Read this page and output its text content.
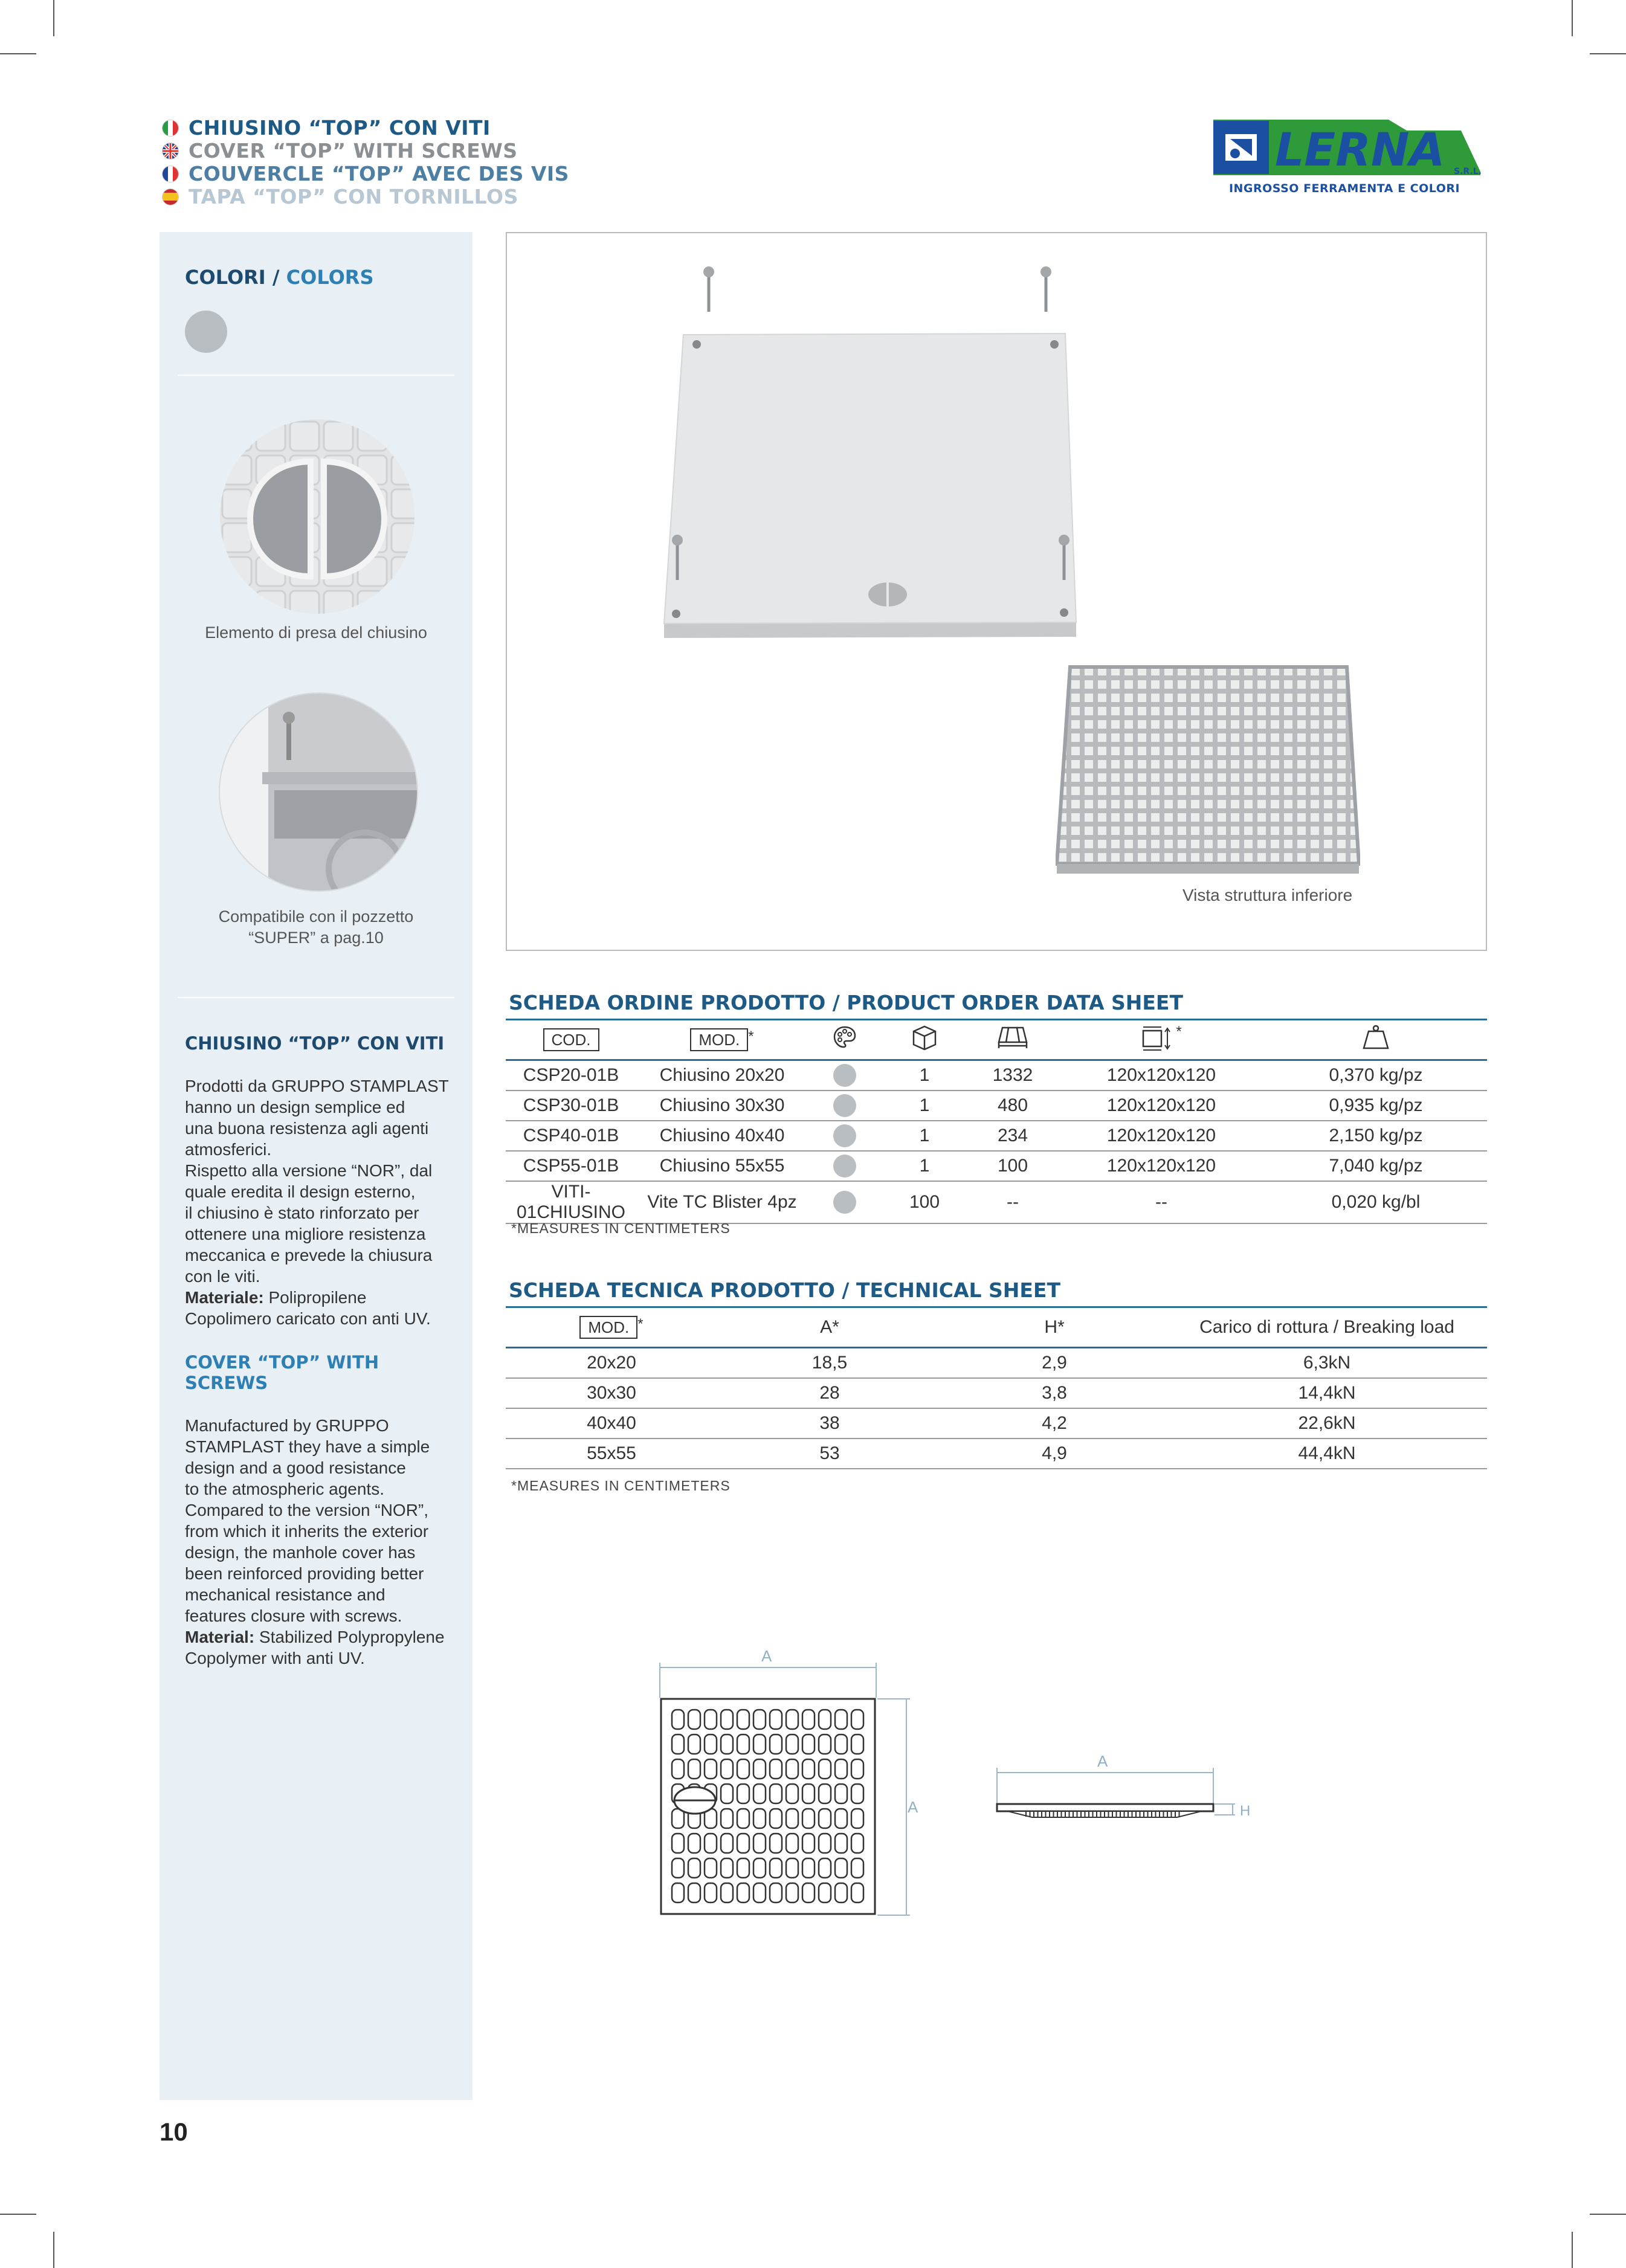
CHIUSINO “TOP” CON VITI
COVER “TOP” WITH SCREWS
COUVERCLE “TOP” AVEC DES VIS
TAPA “TOP” CON TORNILLOS
LERNA S.R.L.
INGROSSO FERRAMENTA E COLORI
COLORI / COLORS
Elemento di presa del chiusino
Compatibile con il pozzetto
“SUPER” a pag.10
CHIUSINO “TOP” CON VITI
Prodotti da GRUPPO STAMPLAST
hanno un design semplice ed
una buona resistenza agli agenti
atmosferici.
Rispetto alla versione “NOR”, dal
quale eredita il design esterno,
il chiusino è stato rinforzato per
ottenere una migliore resistenza
meccanica e prevede la chiusura
con le viti.
Materiale: Polipropilene
Copolimero caricato con anti UV.
COVER “TOP” WITH SCREWS
Manufactured by GRUPPO
STAMPLAST they have a simple
design and a good resistance
to the atmospheric agents.
Compared to the version “NOR”,
from which it inherits the exterior
design, the manhole cover has
been reinforced providing better
mechanical resistance and
features closure with screws.
Material: Stabilized Polypropylene
Copolymer with anti UV.
Vista struttura inferiore
SCHEDA ORDINE PRODOTTO / PRODUCT ORDER DATA SHEET
COD.	MOD. *				*	
CSP20-01B	Chiusino 20x20		1	1332	120x120x120	0,370 kg/pz
CSP30-01B	Chiusino 30x30		1	480	120x120x120	0,935 kg/pz
CSP40-01B	Chiusino 40x40		1	234	120x120x120	2,150 kg/pz
CSP55-01B	Chiusino 55x55		1	100	120x120x120	7,040 kg/pz
VITI-01CHIUSINO	Vite TC Blister 4pz		100	--	--	0,020 kg/bl
*MEASURES IN CENTIMETERS
SCHEDA TECNICA PRODOTTO / TECHNICAL SHEET
MOD. *	A*	H*	Carico di rottura / Breaking load
20x20	18,5	2,9	6,3kN
30x30	28	3,8	14,4kN
40x40	38	4,2	22,6kN
55x55	53	4,9	44,4kN
*MEASURES IN CENTIMETERS
A
A
A
H
10
